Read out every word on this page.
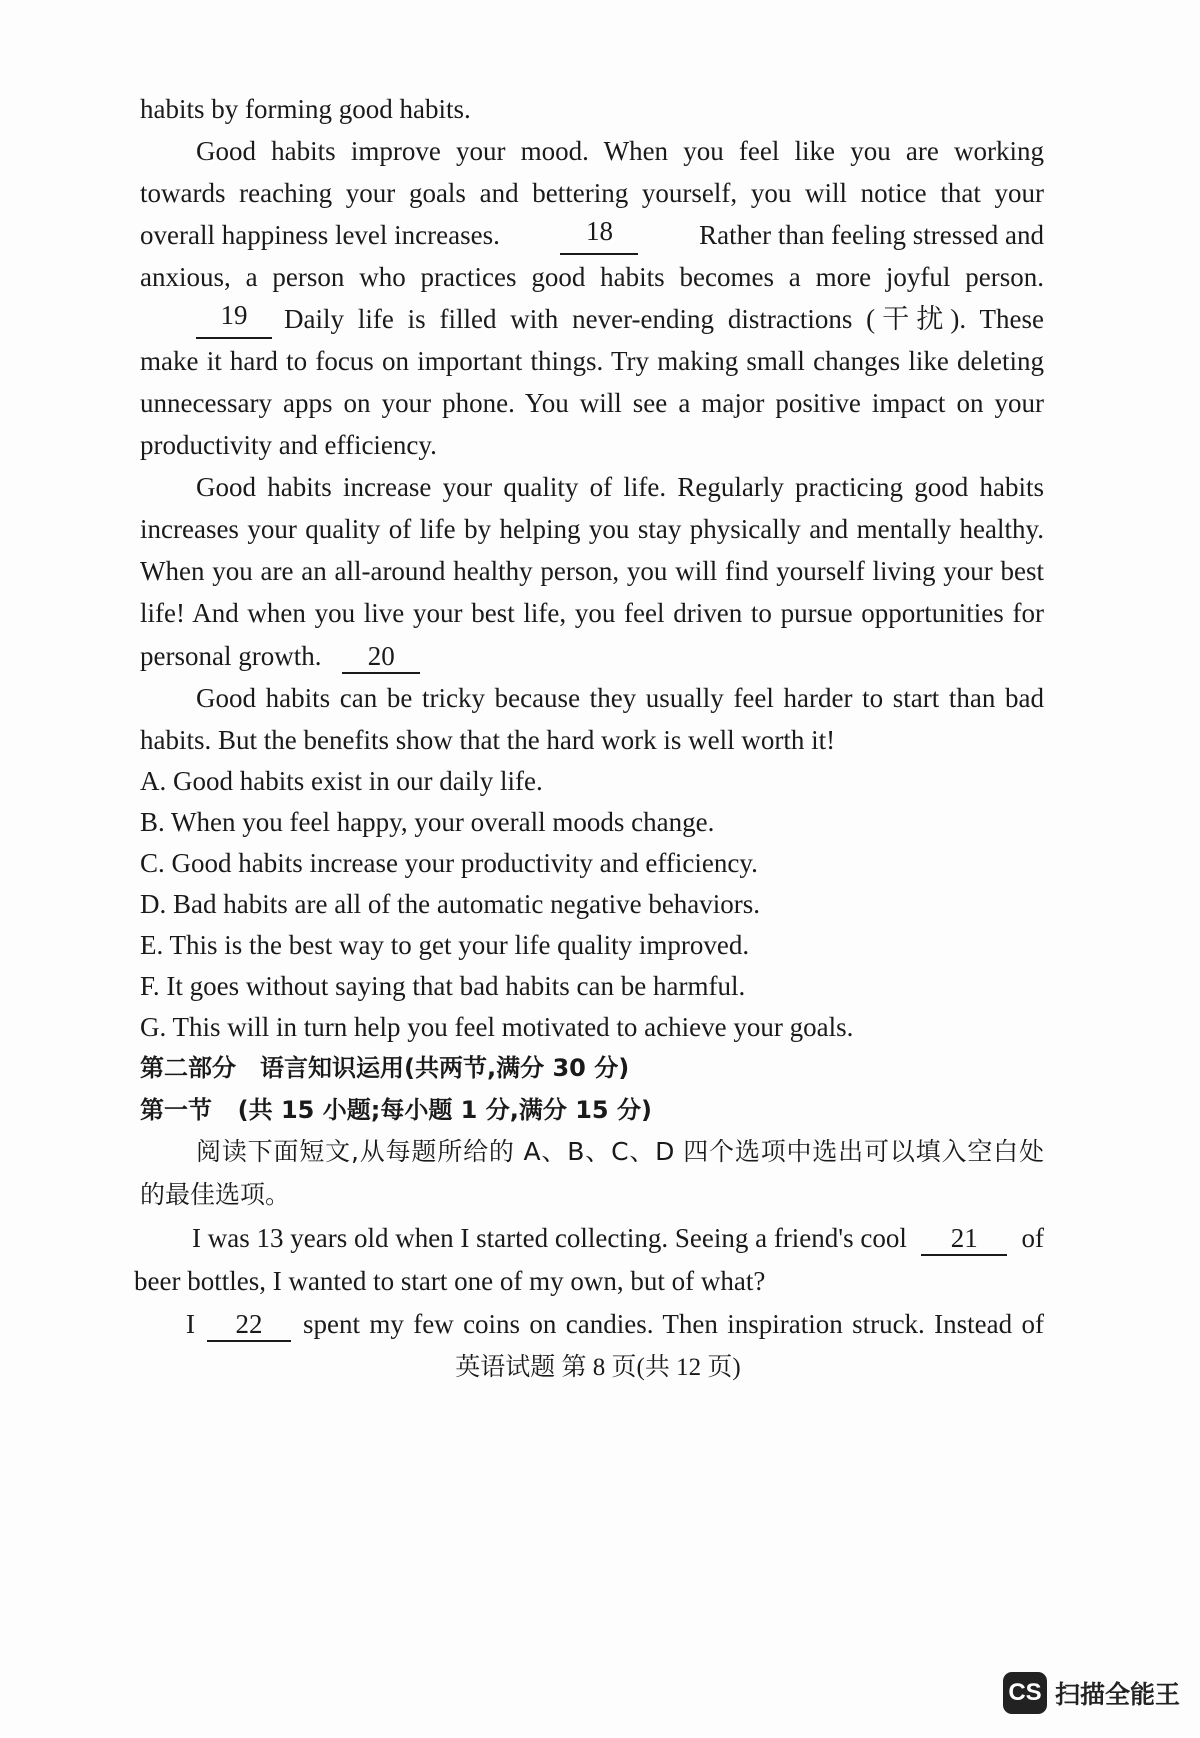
habits by forming good habits.
Good habits improve your mood. When you feel like you are working
towards reaching your goals and bettering yourself, you will notice that your
overall happiness level increases.	18	Rather than feeling stressed and
anxious, a person who practices good habits becomes a more joyful person.
19	Daily life is filled with never-ending distractions (干扰). These
make it hard to focus on important things. Try making small changes like deleting
unnecessary apps on your phone. You will see a major positive impact on your
productivity and efficiency.
Good habits increase your quality of life. Regularly practicing good habits
increases your quality of life by helping you stay physically and mentally healthy.
When you are an all-around healthy person, you will find yourself living your best
life! And when you live your best life, you feel driven to pursue opportunities for
personal growth. 20
Good habits can be tricky because they usually feel harder to start than bad
habits. But the benefits show that the hard work is well worth it!
A. Good habits exist in our daily life.
B. When you feel happy, your overall moods change.
C. Good habits increase your productivity and efficiency.
D. Bad habits are all of the automatic negative behaviors.
E. This is the best way to get your life quality improved.
F. It goes without saying that bad habits can be harmful.
G. This will in turn help you feel motivated to achieve your goals.
第二部分　语言知识运用(共两节,满分 30 分)
第一节 (共 15 小题;每小题 1 分,满分 15 分)
阅读下面短文,从每题所给的 A、B、C、D 四个选项中选出可以填入空白处
的最佳选项。
I was 13 years old when I started collecting. Seeing a friend's cool	21	of
beer bottles, I wanted to start one of my own, but of what?
I	22	spent my few coins on candies. Then inspiration struck. Instead of
英语试题 第 8 页(共 12 页)
CS 扫描全能王
